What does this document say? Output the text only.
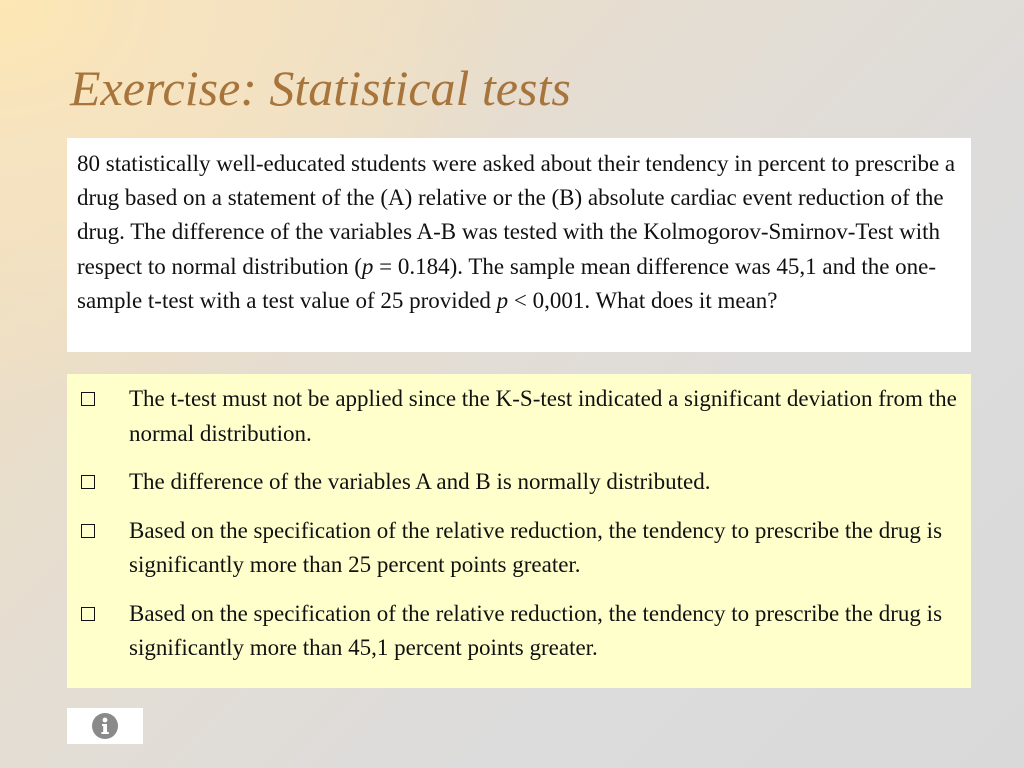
Exercise: Statistical tests

80 statistically well-educated students were asked about their tendency in percent to prescribe a drug based on a statement of the (A) relative or the (B) absolute cardiac event reduction of the drug. The difference of the variables A-B was tested with the Kolmogorov-Smirnov-Test with respect to normal distribution (p = 0.184). The sample mean difference was 45,1 and the one-sample t-test with a test value of 25 provided p < 0,001. What does it mean?

The t-test must not be applied since the K-S-test indicated a significant deviation from the normal distribution.
The difference of the variables A and B is normally distributed.
Based on the specification of the relative reduction, the tendency to prescribe the drug is significantly more than 25 percent points greater.
Based on the specification of the relative reduction, the tendency to prescribe the drug is significantly more than 45,1 percent points greater.
